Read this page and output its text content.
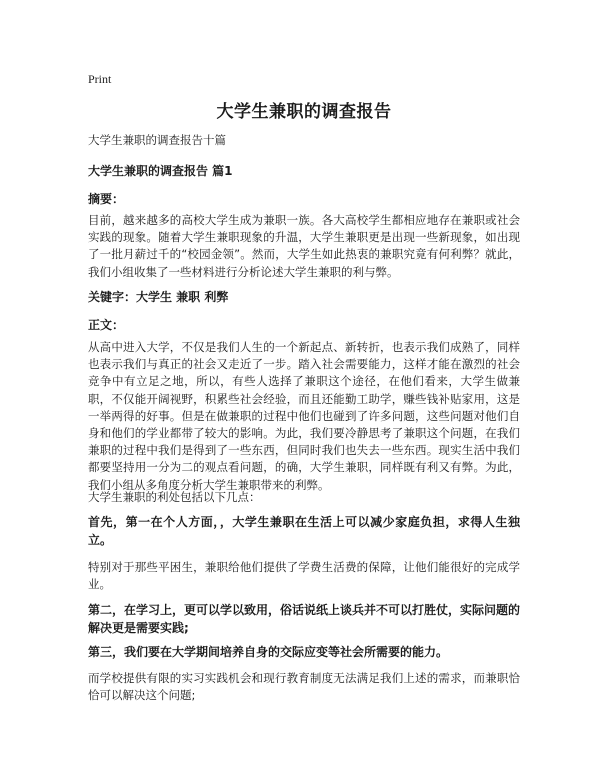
Print
大学生兼职的调查报告
大学生兼职的调查报告十篇
大学生兼职的调查报告 篇1
摘要：
目前，越来越多的高校大学生成为兼职一族。各大高校学生都相应地存在兼职或社会实践的现象。随着大学生兼职现象的升温，大学生兼职更是出现一些新现象，如出现了一批月薪过千的“校园金领”。然而，大学生如此热衷的兼职究竟有何利弊？就此，我们小组收集了一些材料进行分析论述大学生兼职的利与弊。
关键字：大学生 兼职 利弊
正文：
从高中进入大学，不仅是我们人生的一个新起点、新转折，也表示我们成熟了，同样也表示我们与真正的社会又走近了一步。踏入社会需要能力，这样才能在激烈的社会竞争中有立足之地，所以，有些人选择了兼职这个途径，在他们看来，大学生做兼职，不仅能开阔视野，积累些社会经验，而且还能勤工助学，赚些钱补贴家用，这是一举两得的好事。但是在做兼职的过程中他们也碰到了许多问题，这些问题对他们自身和他们的学业都带了较大的影响。为此，我们要冷静思考了兼职这个问题，在我们兼职的过程中我们是得到了一些东西，但同时我们也失去一些东西。现实生活中我们都要坚持用一分为二的观点看问题，的确，大学生兼职，同样既有利又有弊。为此，我们小组从多角度分析大学生兼职带来的利弊。
大学生兼职的利处包括以下几点：
首先，第一在个人方面，，大学生兼职在生活上可以减少家庭负担，求得人生独立。
特别对于那些平困生，兼职给他们提供了学费生活费的保障，让他们能很好的完成学业。
第二，在学习上，更可以学以致用，俗话说纸上谈兵并不可以打胜仗，实际问题的解决更是需要实践;
第三，我们要在大学期间培养自身的交际应变等社会所需要的能力。
而学校提供有限的实习实践机会和现行教育制度无法满足我们上述的需求，而兼职恰恰可以解决这个问题;
